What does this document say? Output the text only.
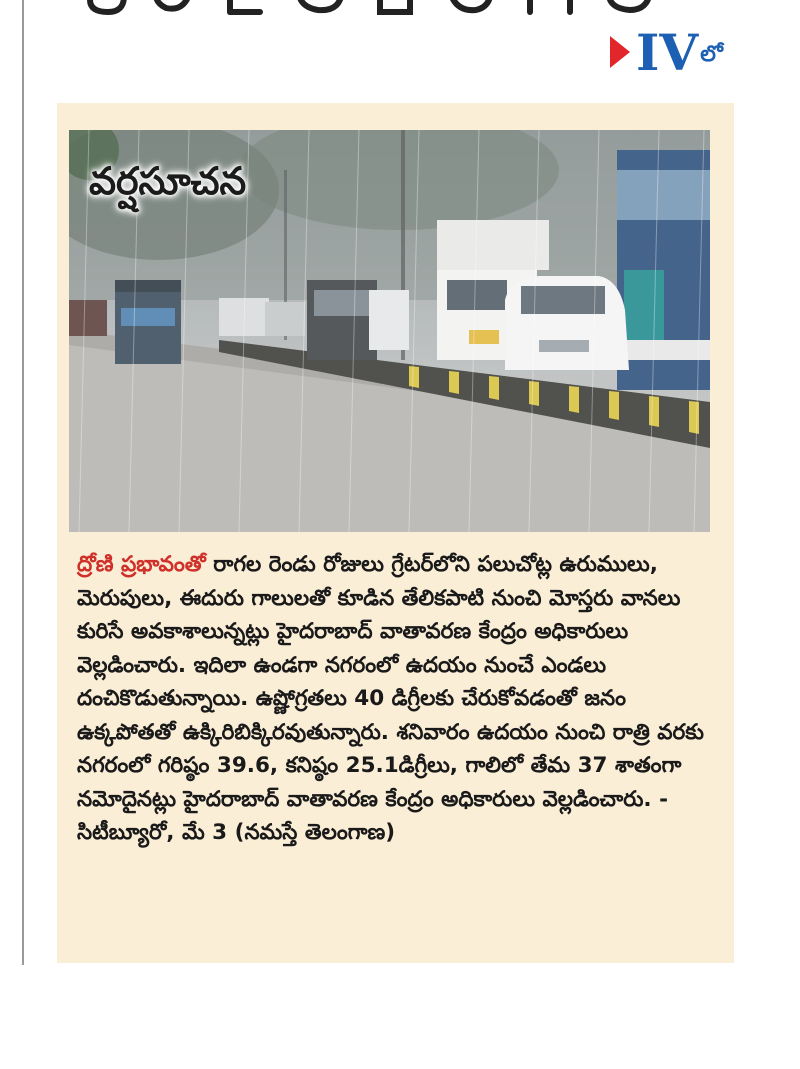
IV లో
వర్షసూచన

ద్రోణి ప్రభావంతో రాగల రెండు రోజులు గ్రేటర్‌లోని పలుచోట్ల ఉరుములు, మెరుపులు, ఈదురు గాలులతో కూడిన తేలికపాటి నుంచి మోస్తరు వానలు కురిసే అవకాశాలున్నట్లు హైదరాబాద్ వాతావరణ కేంద్రం అధికారులు వెల్లడించారు. ఇదిలా ఉండగా నగరంలో ఉదయం నుంచే ఎండలు దంచికొడుతున్నాయి. ఉష్ణోగ్రతలు 40 డిగ్రీలకు చేరుకోవడంతో జనం ఉక్కపోతతో ఉక్కిరిబిక్కిరవుతున్నారు. శనివారం ఉదయం నుంచి రాత్రి వరకు నగరంలో గరిష్ఠం 39.6, కనిష్ఠం 25.1డిగ్రీలు, గాలిలో తేమ 37 శాతంగా నమోదైనట్లు హైదరాబాద్ వాతావరణ కేంద్రం అధికారులు వెల్లడించారు. - సిటీబ్యూరో, మే 3 (నమస్తే తెలంగాణ)
